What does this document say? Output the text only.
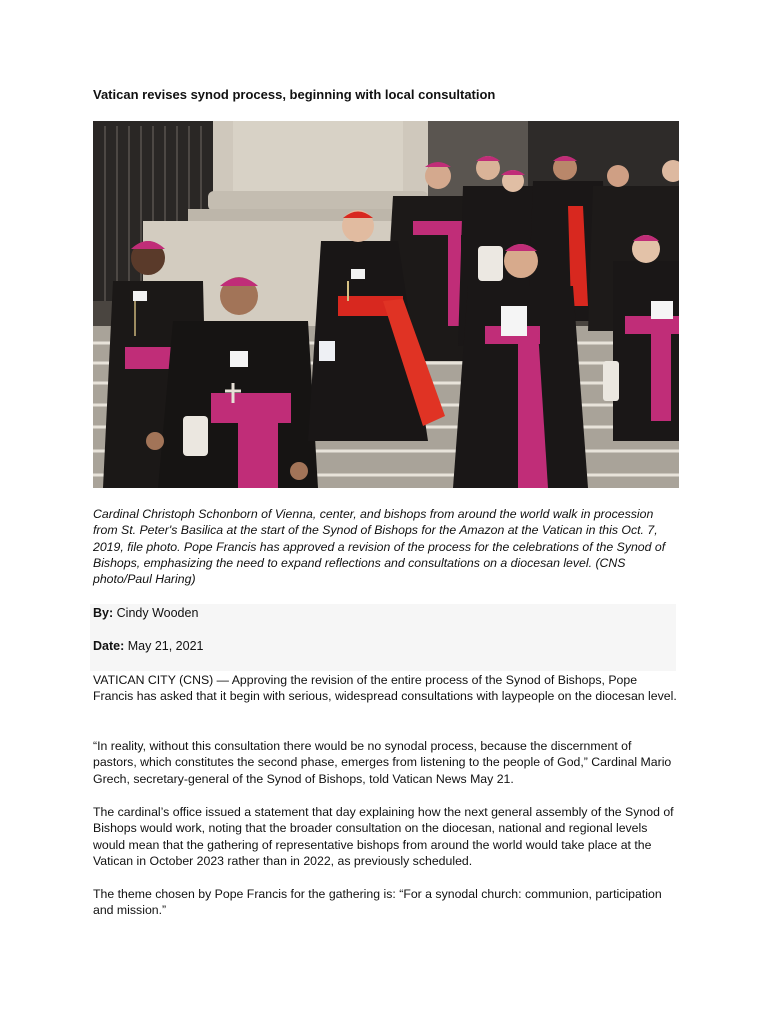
Vatican revises synod process, beginning with local consultation
Cardinal Christoph Schonborn of Vienna, center, and bishops from around the world walk in procession from St. Peter's Basilica at the start of the Synod of Bishops for the Amazon at the Vatican in this Oct. 7, 2019, file photo. Pope Francis has approved a revision of the process for the celebrations of the Synod of Bishops, emphasizing the need to expand reflections and consultations on a diocesan level. (CNS photo/Paul Haring)
By: Cindy Wooden
Date: May 21, 2021

VATICAN CITY (CNS) — Approving the revision of the entire process of the Synod of Bishops, Pope Francis has asked that it begin with serious, widespread consultations with laypeople on the diocesan level.

“In reality, without this consultation there would be no synodal process, because the discernment of pastors, which constitutes the second phase, emerges from listening to the people of God,” Cardinal Mario Grech, secretary-general of the Synod of Bishops, told Vatican News May 21.

The cardinal’s office issued a statement that day explaining how the next general assembly of the Synod of Bishops would work, noting that the broader consultation on the diocesan, national and regional levels would mean that the gathering of representative bishops from around the world would take place at the Vatican in October 2023 rather than in 2022, as previously scheduled.

The theme chosen by Pope Francis for the gathering is: “For a synodal church: communion, participation and mission.”
